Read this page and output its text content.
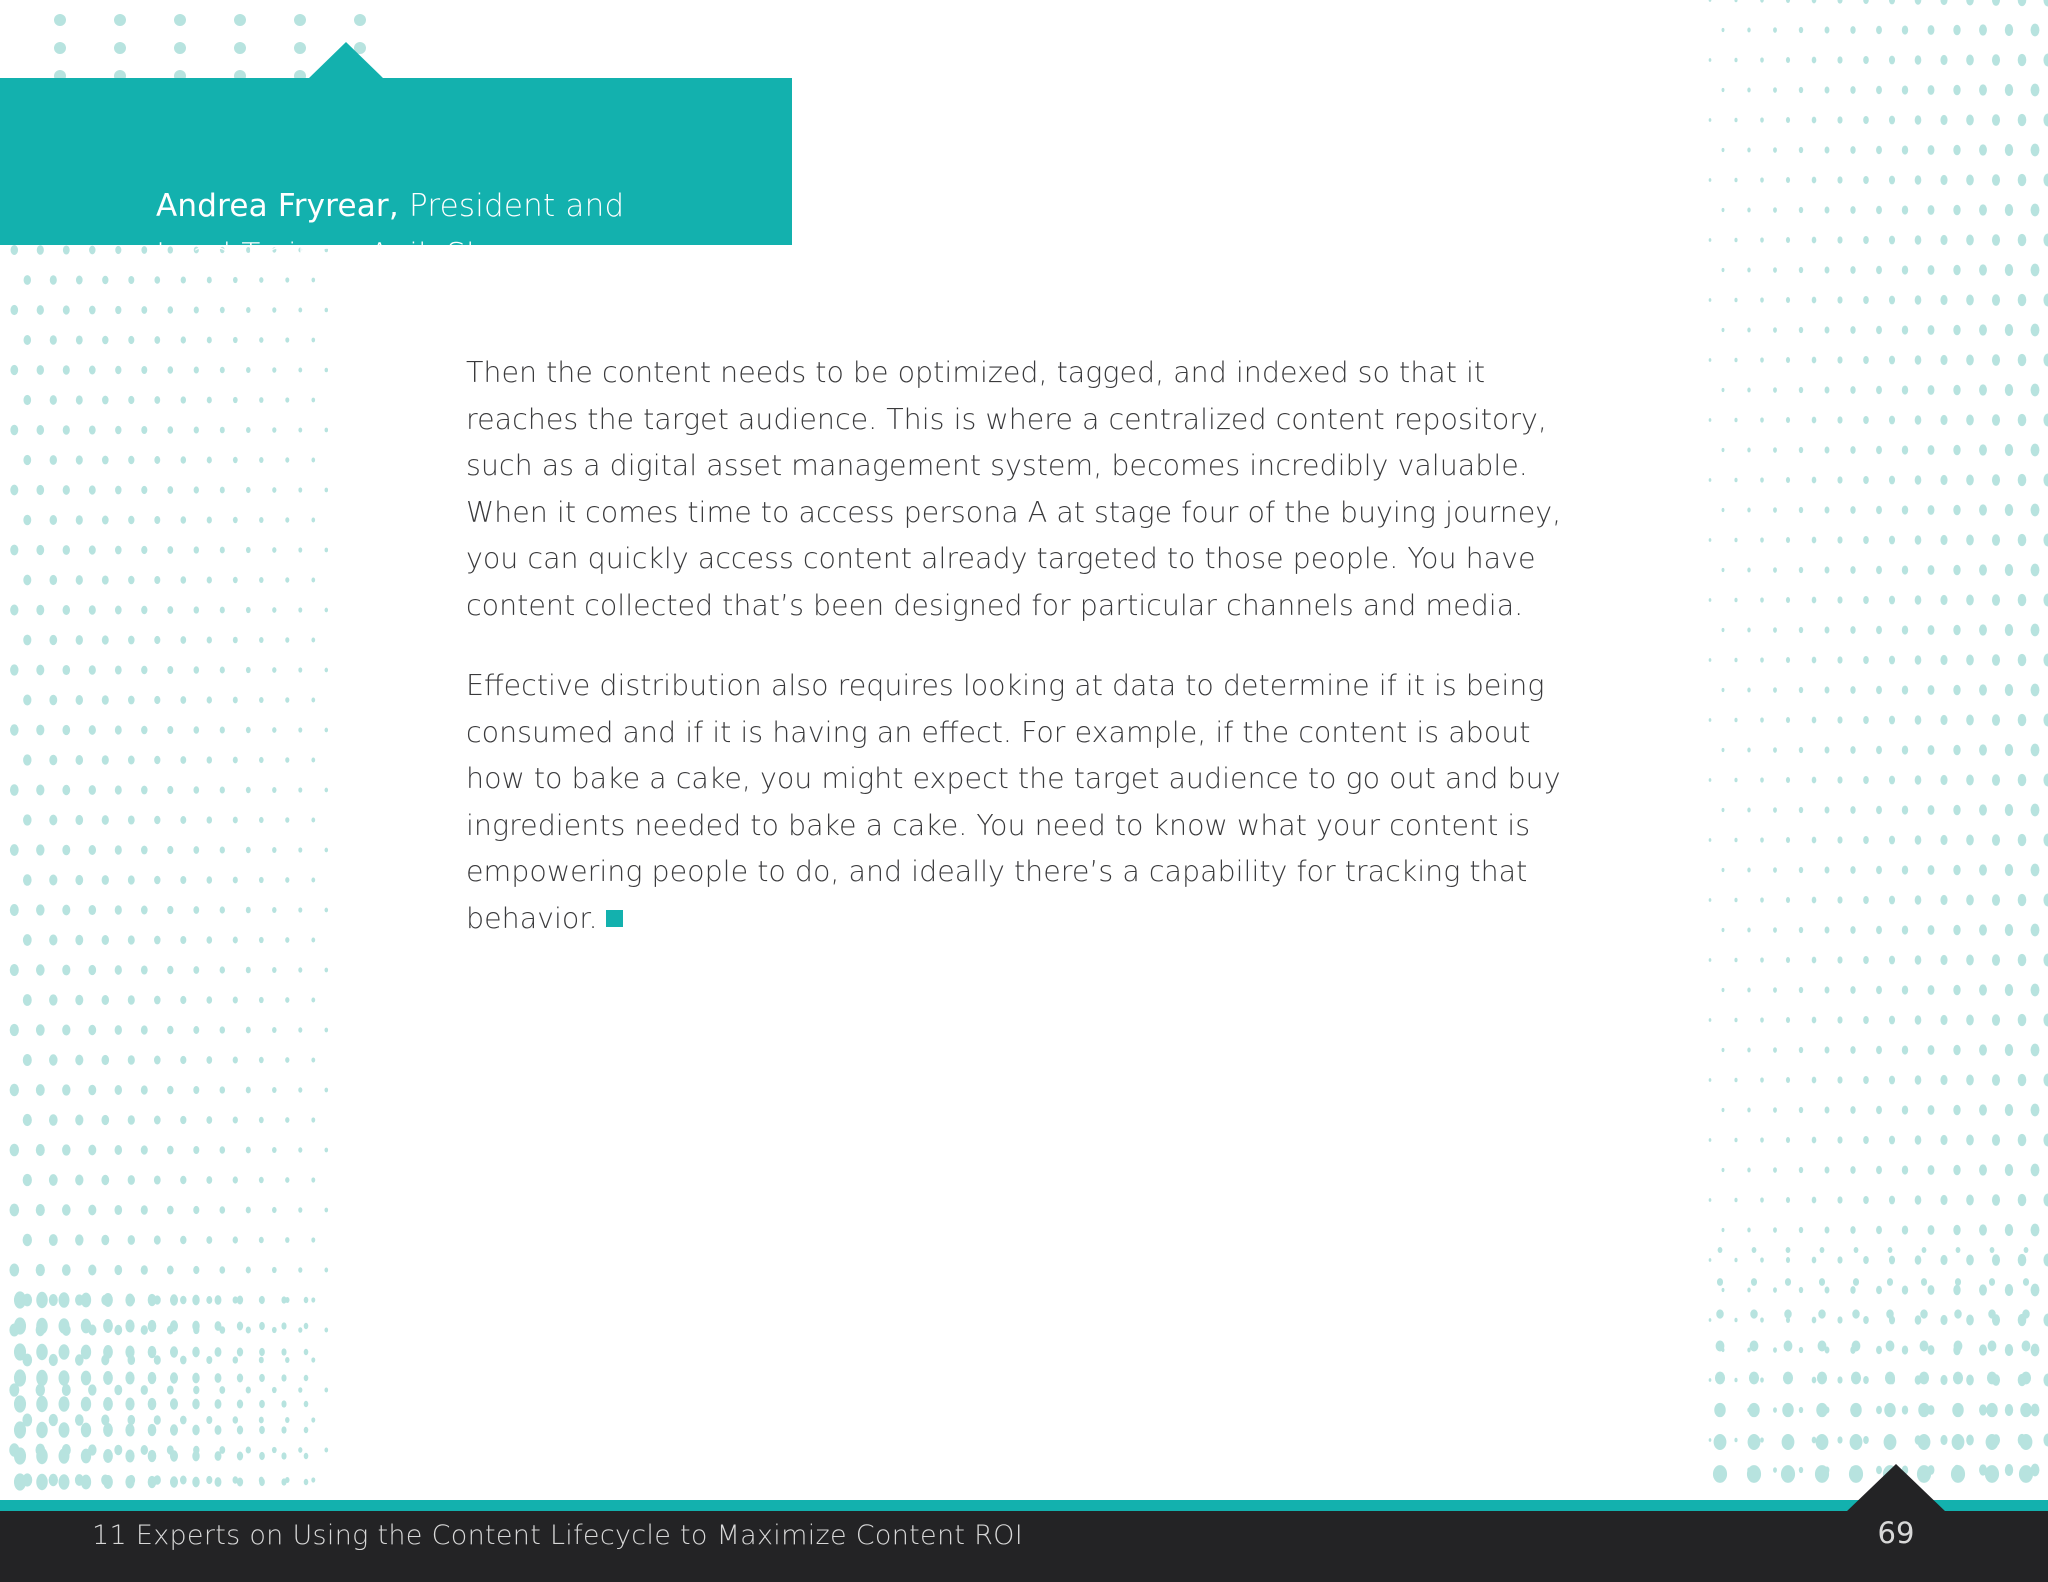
Andrea Fryrear, President and
Lead Trainer, AgileSherpas

Then the content needs to be optimized, tagged, and indexed so that it reaches the target audience. This is where a centralized content repository, such as a digital asset management system, becomes incredibly valuable. When it comes time to access persona A at stage four of the buying journey, you can quickly access content already targeted to those people. You have content collected that’s been designed for particular channels and media.

Effective distribution also requires looking at data to determine if it is being consumed and if it is having an effect. For example, if the content is about how to bake a cake, you might expect the target audience to go out and buy ingredients needed to bake a cake. You need to know what your content is empowering people to do, and ideally there’s a capability for tracking that behavior.

11 Experts on Using the Content Lifecycle to Maximize Content ROI	69
